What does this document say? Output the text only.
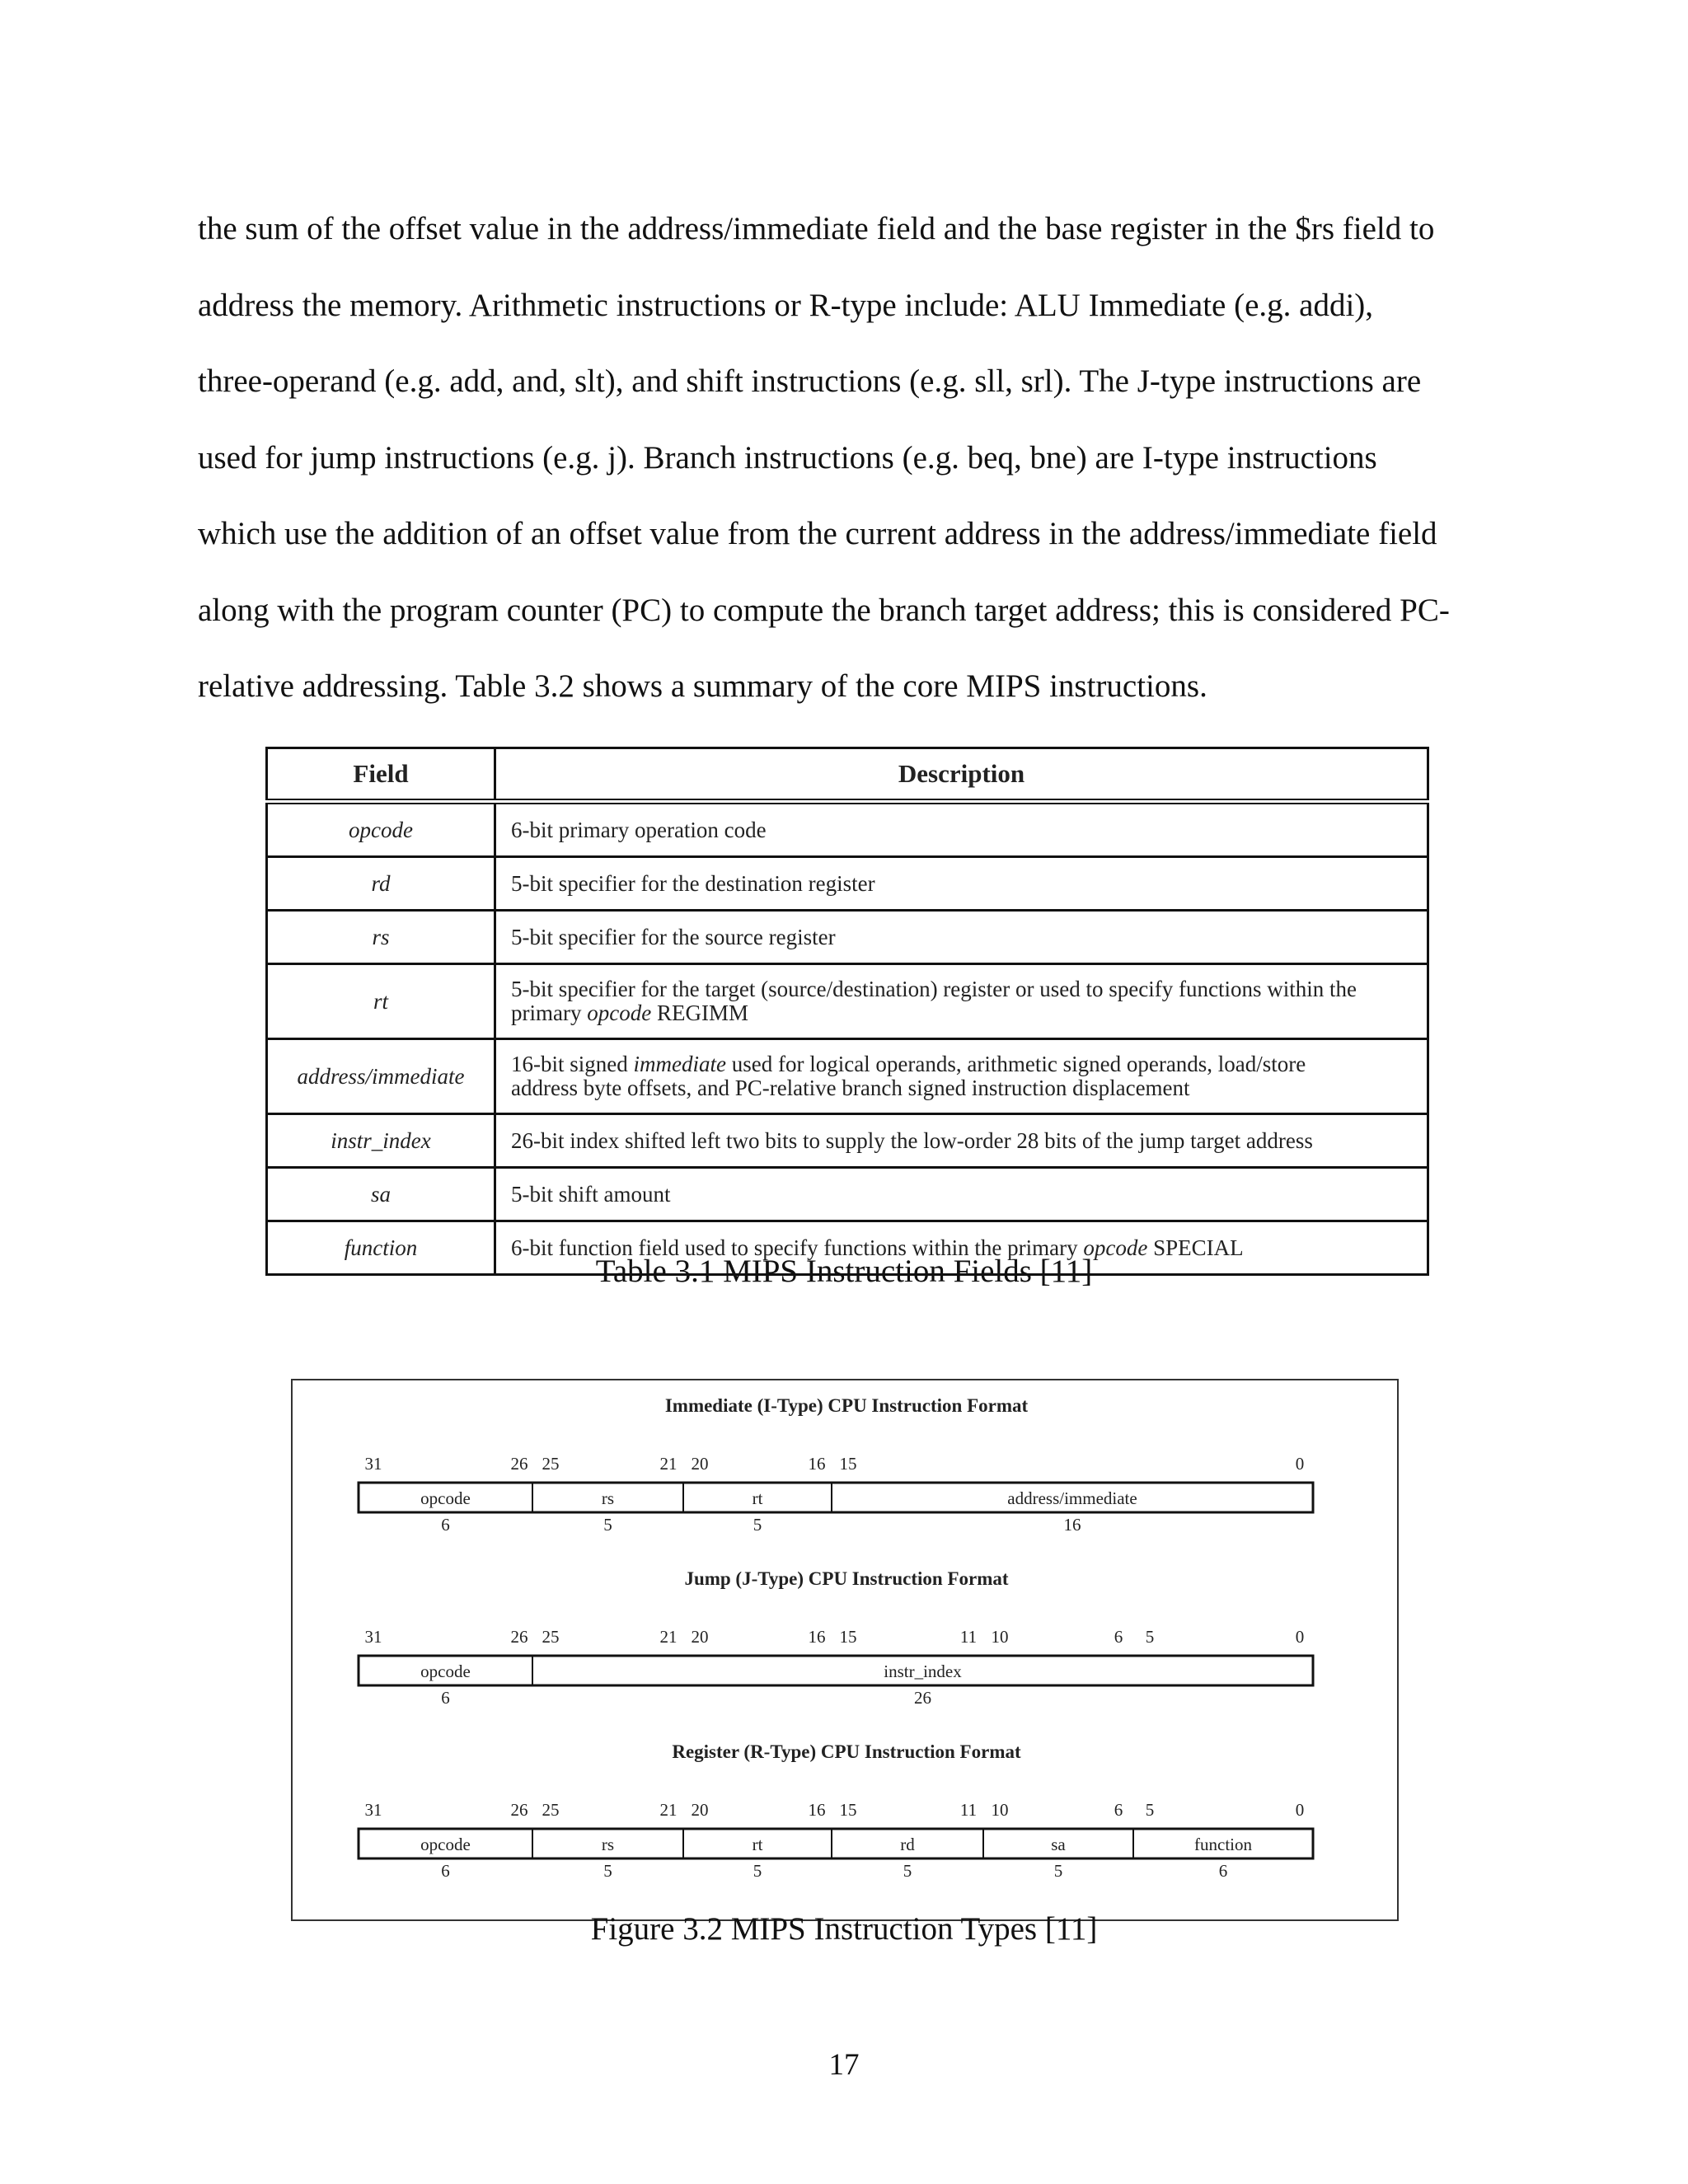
the sum of the offset value in the address/immediate field and the base register in the $rs field to
address the memory. Arithmetic instructions or R-type include: ALU Immediate (e.g. addi),
three-operand (e.g. add, and, slt), and shift instructions (e.g. sll, srl). The J-type instructions are
used for jump instructions (e.g. j). Branch instructions (e.g. beq, bne) are I-type instructions
which use the addition of an offset value from the current address in the address/immediate field
along with the program counter (PC) to compute the branch target address; this is considered PC-
relative addressing. Table 3.2 shows a summary of the core MIPS instructions.

Field	Description
opcode	6-bit primary operation code
rd	5-bit specifier for the destination register
rs	5-bit specifier for the source register
rt	5-bit specifier for the target (source/destination) register or used to specify functions within the
primary opcode REGIMM
address/immediate	16-bit signed immediate used for logical operands, arithmetic signed operands, load/store
address byte offsets, and PC-relative branch signed instruction displacement
instr_index	26-bit index shifted left two bits to supply the low-order 28 bits of the jump target address
sa	5-bit shift amount
function	6-bit function field used to specify functions within the primary opcode SPECIAL

Table 3.1 MIPS Instruction Fields [11]

Immediate (I-Type) CPU Instruction Format
31	26 25	21 20	16 15	0
opcode
6
rs
5
rt
5
address/immediate
16
Jump (J-Type) CPU Instruction Format
31	26 25	21 20	16 15	11 10	6 5	0
opcode
6
instr_index
26
Register (R-Type) CPU Instruction Format
31	26 25	21 20	16 15	11 10	6 5	0
opcode
6
rs
5
rt
5
rd
5
sa
5
function
6

Figure 3.2 MIPS Instruction Types [11]

17
